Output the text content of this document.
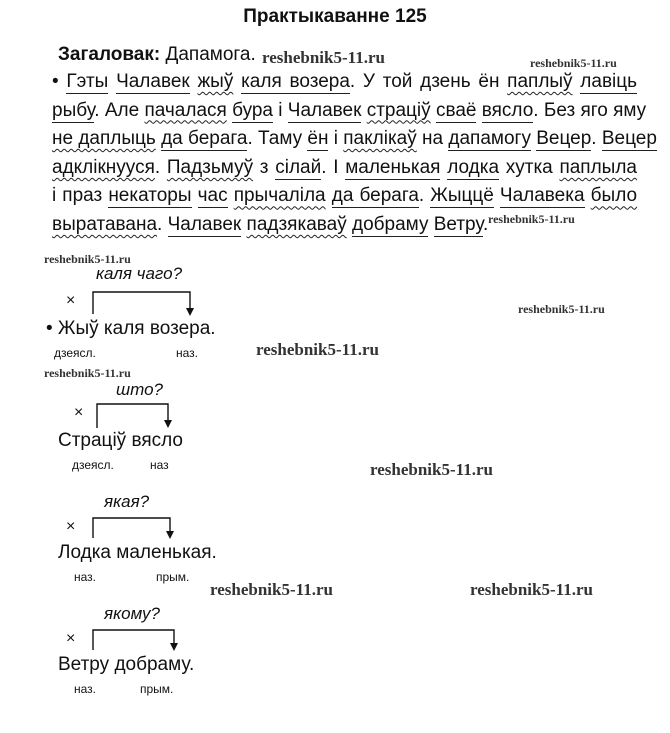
Практыкаванне 125
Загаловак: Дапамога.
• Гэты Чалавек жыў каля возера. У той дзень ён паплыў лавіць
рыбу. Але пачалася бура і Чалавек страціў сваё вясло. Без яго яму
не даплыць да берага. Таму ён і паклікаў на дапамогу Вецер. Вецер
адклікнууся. Падзьмуў з сілай. І маленькая лодка хутка паплыла
і праз некаторы час прычаліла да берага. Жыццё Чалавека было
выратавана. Чалавек падзякаваў добраму Ветру.
reshebnik5-11.ru	reshebnik5-11.ru
reshebnik5-11.ru
reshebnik5-11.ru
reshebnik5-11.ru
reshebnik5-11.ru
reshebnik5-11.ru
reshebnik5-11.ru
reshebnik5-11.ru	reshebnik5-11.ru
каля чаго?
×
• Жыў каля возера.
дзеясл.	наз.
што?
×
Страціў вясло
дзеясл.	наз
якая?
×
Лодка маленькая.
наз.	прым.
якому?
×
Ветру добраму.
наз.	прым.
